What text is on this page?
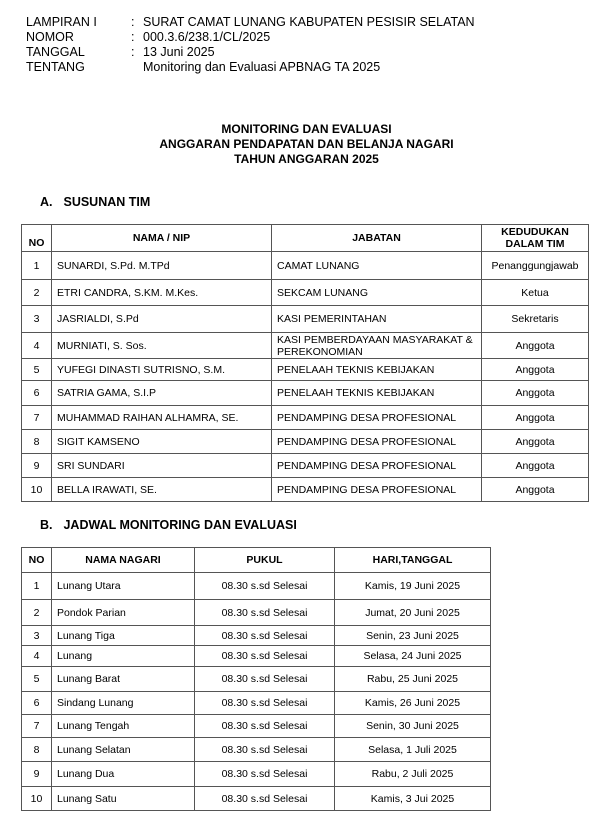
LAMPIRAN I	: SURAT CAMAT LUNANG KABUPATEN PESISIR SELATAN
NOMOR	: 000.3.6/238.1/CL/2025
TANGGAL	: 13 Juni 2025
TENTANG	Monitoring dan Evaluasi APBNAG TA 2025
MONITORING DAN EVALUASI
ANGGARAN PENDAPATAN DAN BELANJA NAGARI
TAHUN ANGGARAN 2025
A. SUSUNAN TIM
NO	NAMA / NIP	JABATAN	KEDUDUKAN DALAM TIM
1	SUNARDI, S.Pd. M.TPd	CAMAT LUNANG	Penanggungjawab
2	ETRI CANDRA, S.KM. M.Kes.	SEKCAM LUNANG	Ketua
3	JASRIALDI, S.Pd	KASI PEMERINTAHAN	Sekretaris
4	MURNIATI, S. Sos.	KASI PEMBERDAYAAN MASYARAKAT & PEREKONOMIAN	Anggota
5	YUFEGI DINASTI SUTRISNO, S.M.	PENELAAH TEKNIS KEBIJAKAN	Anggota
6	SATRIA GAMA, S.I.P	PENELAAH TEKNIS KEBIJAKAN	Anggota
7	MUHAMMAD RAIHAN ALHAMRA, SE.	PENDAMPING DESA PROFESIONAL	Anggota
8	SIGIT KAMSENO	PENDAMPING DESA PROFESIONAL	Anggota
9	SRI SUNDARI	PENDAMPING DESA PROFESIONAL	Anggota
10	BELLA IRAWATI, SE.	PENDAMPING DESA PROFESIONAL	Anggota
B. JADWAL MONITORING DAN EVALUASI
NO	NAMA NAGARI	PUKUL	HARI,TANGGAL
1	Lunang Utara	08.30 s.sd Selesai	Kamis, 19 Juni 2025
2	Pondok Parian	08.30 s.sd Selesai	Jumat, 20 Juni 2025
3	Lunang Tiga	08.30 s.sd Selesai	Senin, 23 Juni 2025
4	Lunang	08.30 s.sd Selesai	Selasa, 24 Juni 2025
5	Lunang Barat	08.30 s.sd Selesai	Rabu, 25 Juni 2025
6	Sindang Lunang	08.30 s.sd Selesai	Kamis, 26 Juni 2025
7	Lunang Tengah	08.30 s.sd Selesai	Senin, 30 Juni 2025
8	Lunang Selatan	08.30 s.sd Selesai	Selasa, 1 Juli 2025
9	Lunang Dua	08.30 s.sd Selesai	Rabu, 2 Juli 2025
10	Lunang Satu	08.30 s.sd Selesai	Kamis, 3 Jui 2025
